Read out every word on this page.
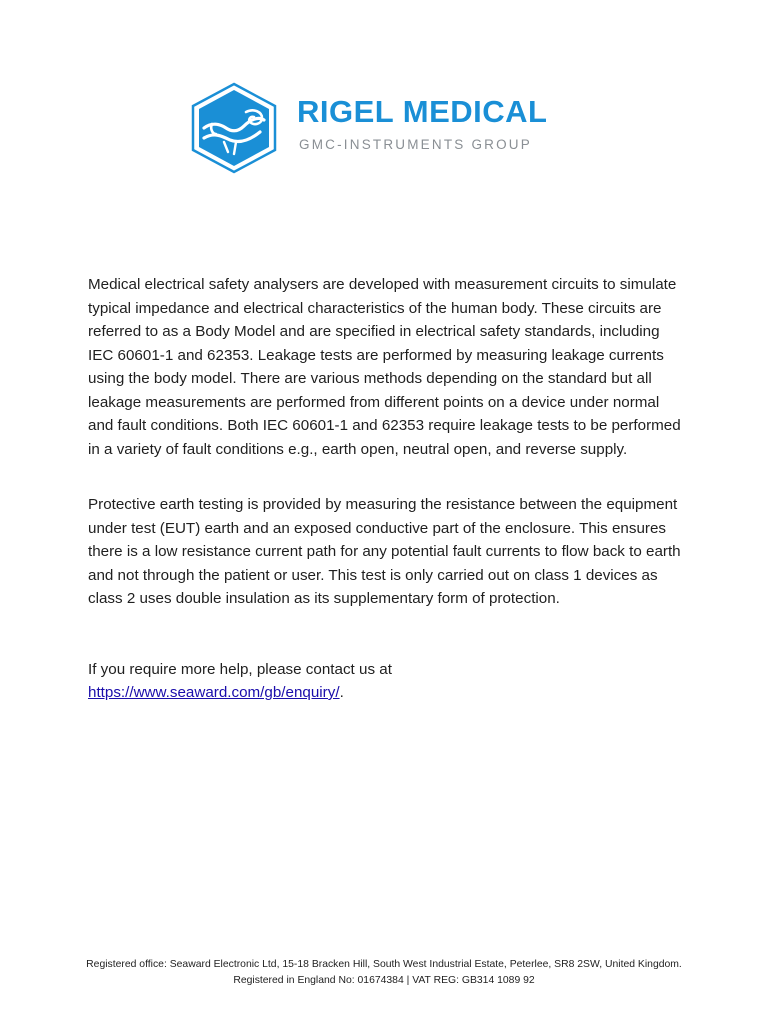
RIGEL MEDICAL
GMC-INSTRUMENTS GROUP

Medical electrical safety analysers are developed with measurement circuits to simulate typical impedance and electrical characteristics of the human body. These circuits are referred to as a Body Model and are specified in electrical safety standards, including IEC 60601-1 and 62353. Leakage tests are performed by measuring leakage currents using the body model. There are various methods depending on the standard but all leakage measurements are performed from different points on a device under normal and fault conditions. Both IEC 60601-1 and 62353 require leakage tests to be performed in a variety of fault conditions e.g., earth open, neutral open, and reverse supply.

Protective earth testing is provided by measuring the resistance between the equipment under test (EUT) earth and an exposed conductive part of the enclosure. This ensures there is a low resistance current path for any potential fault currents to flow back to earth and not through the patient or user. This test is only carried out on class 1 devices as class 2 uses double insulation as its supplementary form of protection.

If you require more help, please contact us at
https://www.seaward.com/gb/enquiry/.

Registered office: Seaward Electronic Ltd, 15-18 Bracken Hill, South West Industrial Estate, Peterlee, SR8 2SW, United Kingdom.
Registered in England No: 01674384 | VAT REG: GB314 1089 92
